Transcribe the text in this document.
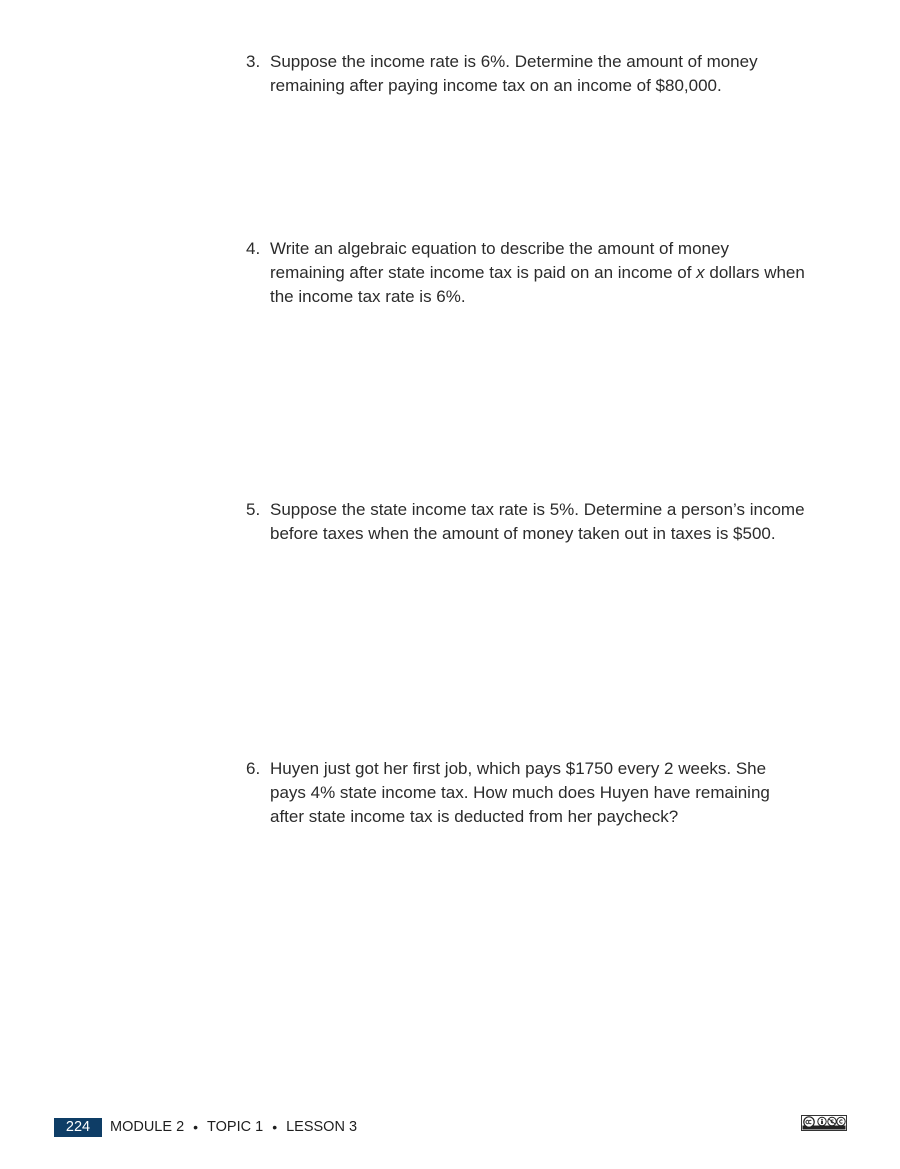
3. Suppose the income rate is 6%. Determine the amount of money remaining after paying income tax on an income of $80,000.
4. Write an algebraic equation to describe the amount of money remaining after state income tax is paid on an income of x dollars when the income tax rate is 6%.
5. Suppose the state income tax rate is 5%. Determine a person’s income before taxes when the amount of money taken out in taxes is $500.
6. Huyen just got her first job, which pays $1750 every 2 weeks. She pays 4% state income tax. How much does Huyen have remaining after state income tax is deducted from her paycheck?
224	MODULE 2 • TOPIC 1 • LESSON 3
